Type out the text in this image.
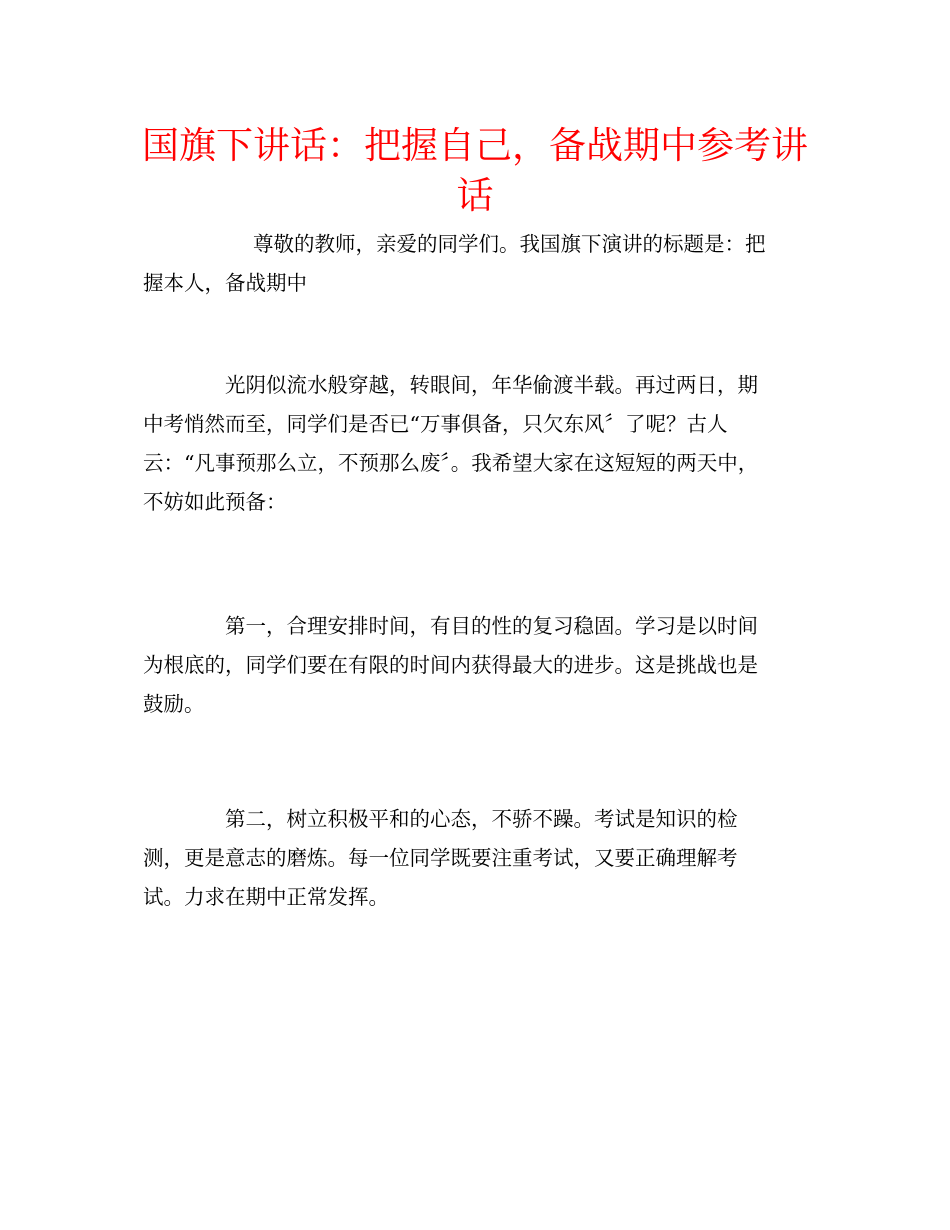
国旗下讲话：把握自己，备战期中参考讲
话
尊敬的教师，亲爱的同学们。我国旗下演讲的标题是：把
握本人，备战期中
光阴似流水般穿越，转眼间，年华偷渡半载。再过两日，期
中考悄然而至，同学们是否已“万事俱备，只欠东风〞了呢？古人
云：“凡事预那么立，不预那么废〞。我希望大家在这短短的两天中，
不妨如此预备：
第一，合理安排时间，有目的性的复习稳固。学习是以时间
为根底的，同学们要在有限的时间内获得最大的进步。这是挑战也是
鼓励。
第二，树立积极平和的心态，不骄不躁。考试是知识的检
测，更是意志的磨炼。每一位同学既要注重考试，又要正确理解考
试。力求在期中正常发挥。
